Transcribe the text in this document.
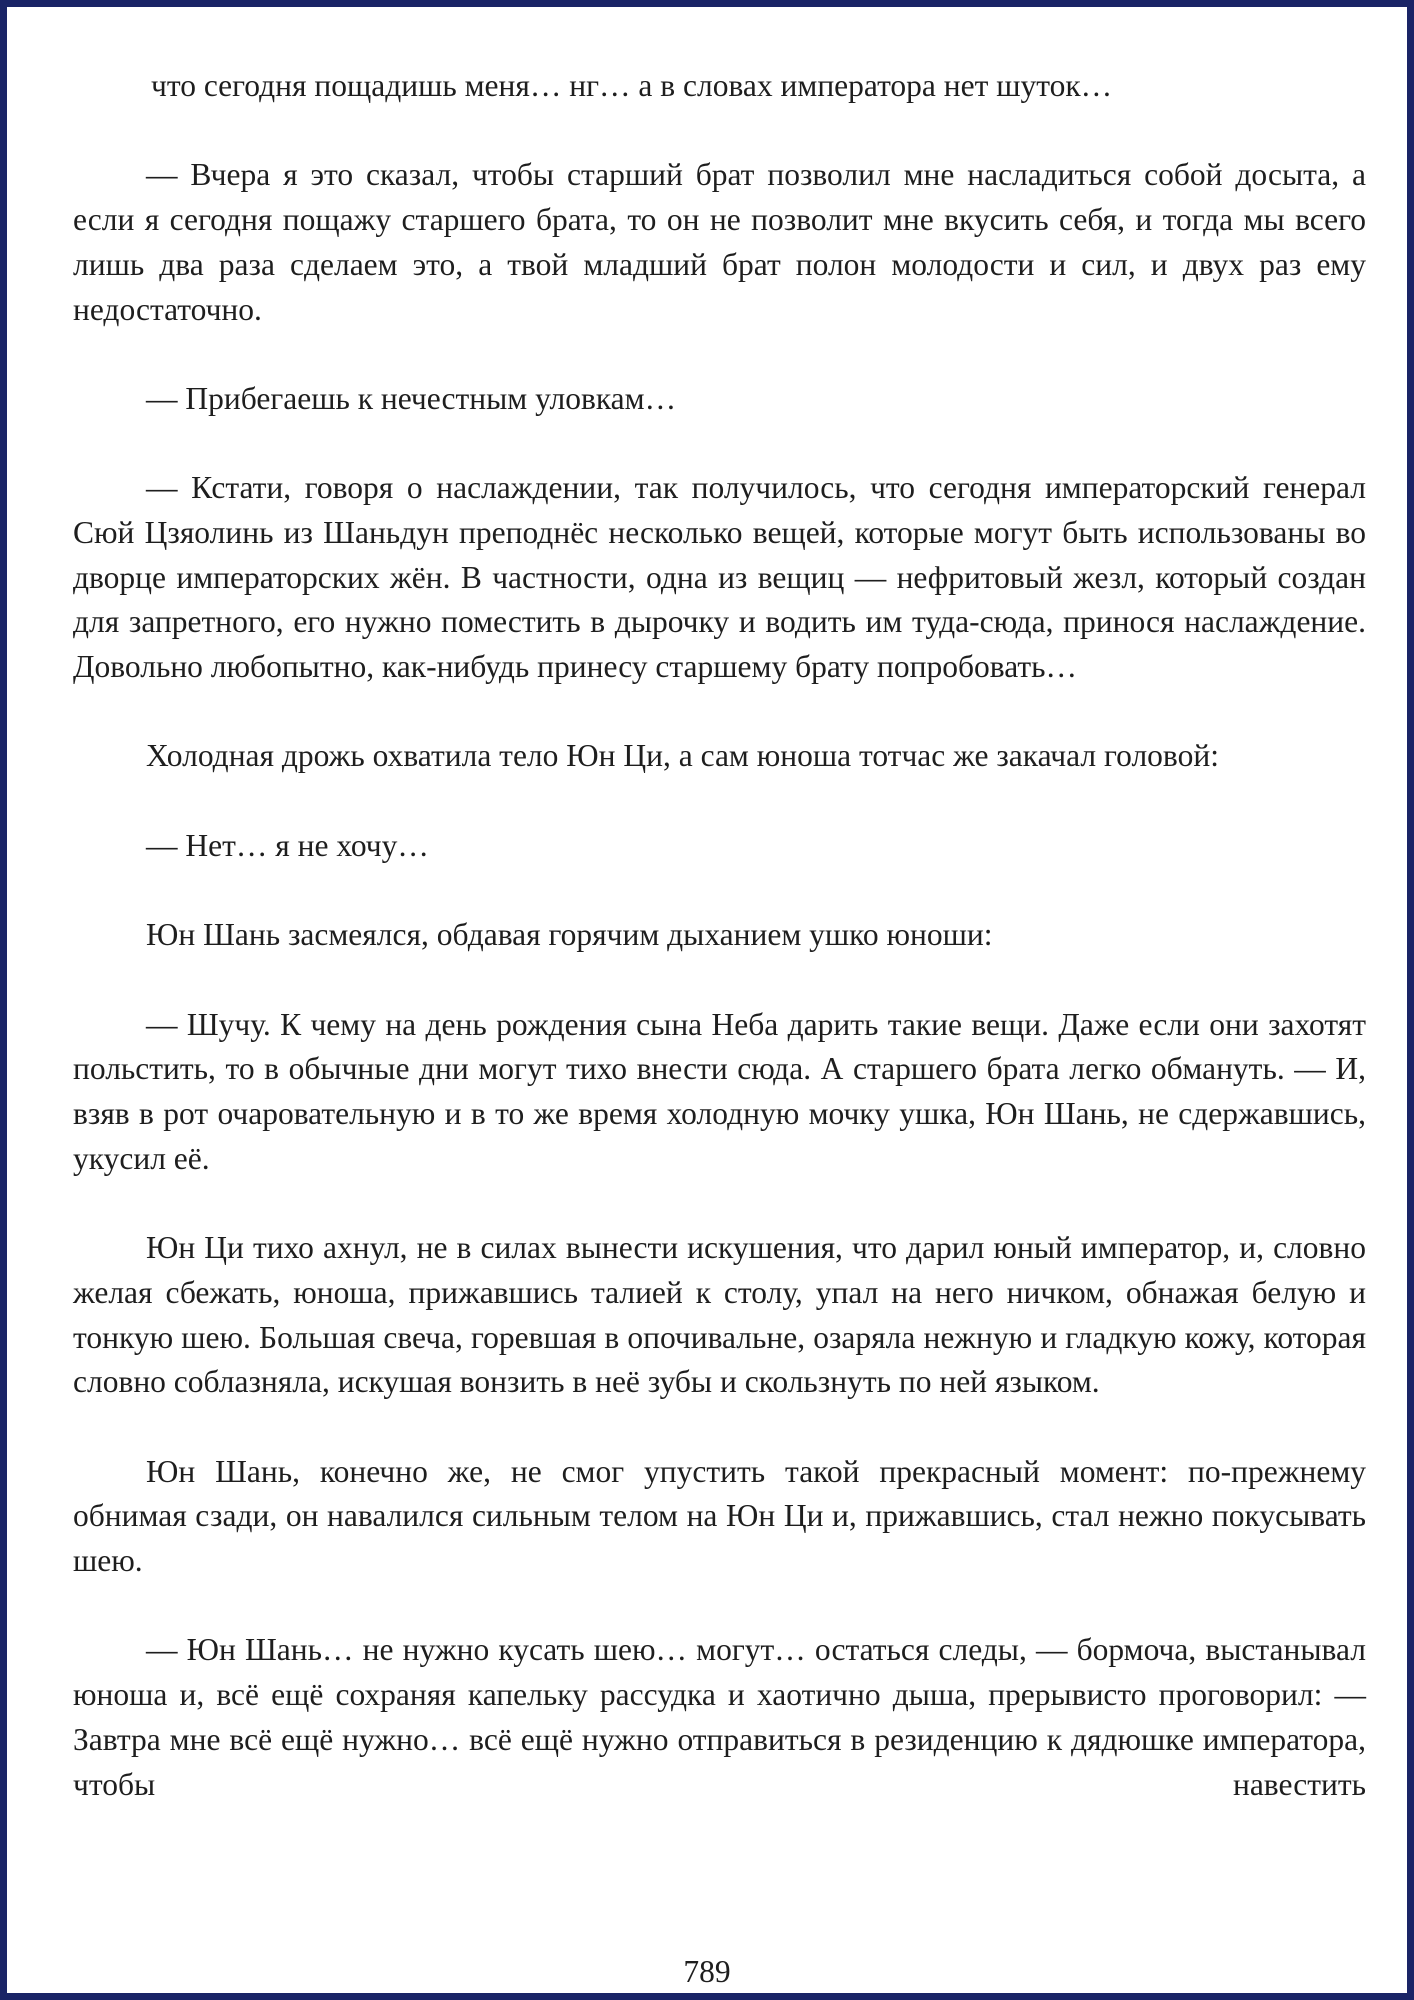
что сегодня пощадишь меня… нг… а в словах императора нет шуток…

— Вчера я это сказал, чтобы старший брат позволил мне насладиться собой досыта, а если я сегодня пощажу старшего брата, то он не позволит мне вкусить себя, и тогда мы всего лишь два раза сделаем это, а твой младший брат полон молодости и сил, и двух раз ему недостаточно.

— Прибегаешь к нечестным уловкам…

— Кстати, говоря о наслаждении, так получилось, что сегодня императорский генерал Сюй Цзяолинь из Шаньдун преподнёс несколько вещей, которые могут быть использованы во дворце императорских жён. В частности, одна из вещиц — нефритовый жезл, который создан для запретного, его нужно поместить в дырочку и водить им туда-сюда, принося наслаждение. Довольно любопытно, как-нибудь принесу старшему брату попробовать…

Холодная дрожь охватила тело Юн Ци, а сам юноша тотчас же закачал головой:

— Нет… я не хочу…

Юн Шань засмеялся, обдавая горячим дыханием ушко юноши:

— Шучу. К чему на день рождения сына Неба дарить такие вещи. Даже если они захотят польстить, то в обычные дни могут тихо внести сюда. А старшего брата легко обмануть. — И, взяв в рот очаровательную и в то же время холодную мочку ушка, Юн Шань, не сдержавшись, укусил её.

Юн Ци тихо ахнул, не в силах вынести искушения, что дарил юный император, и, словно желая сбежать, юноша, прижавшись талией к столу, упал на него ничком, обнажая белую и тонкую шею. Большая свеча, горевшая в опочивальне, озаряла нежную и гладкую кожу, которая словно соблазняла, искушая вонзить в неё зубы и скользнуть по ней языком.

Юн Шань, конечно же, не смог упустить такой прекрасный момент: по-прежнему обнимая сзади, он навалился сильным телом на Юн Ци и, прижавшись, стал нежно покусывать шею.

— Юн Шань… не нужно кусать шею… могут… остаться следы, — бормоча, выстанывал юноша и, всё ещё сохраняя капельку рассудка и хаотично дыша, прерывисто проговорил: — Завтра мне всё ещё нужно… всё ещё нужно отправиться в резиденцию к дядюшке императора, чтобы навестить

789
